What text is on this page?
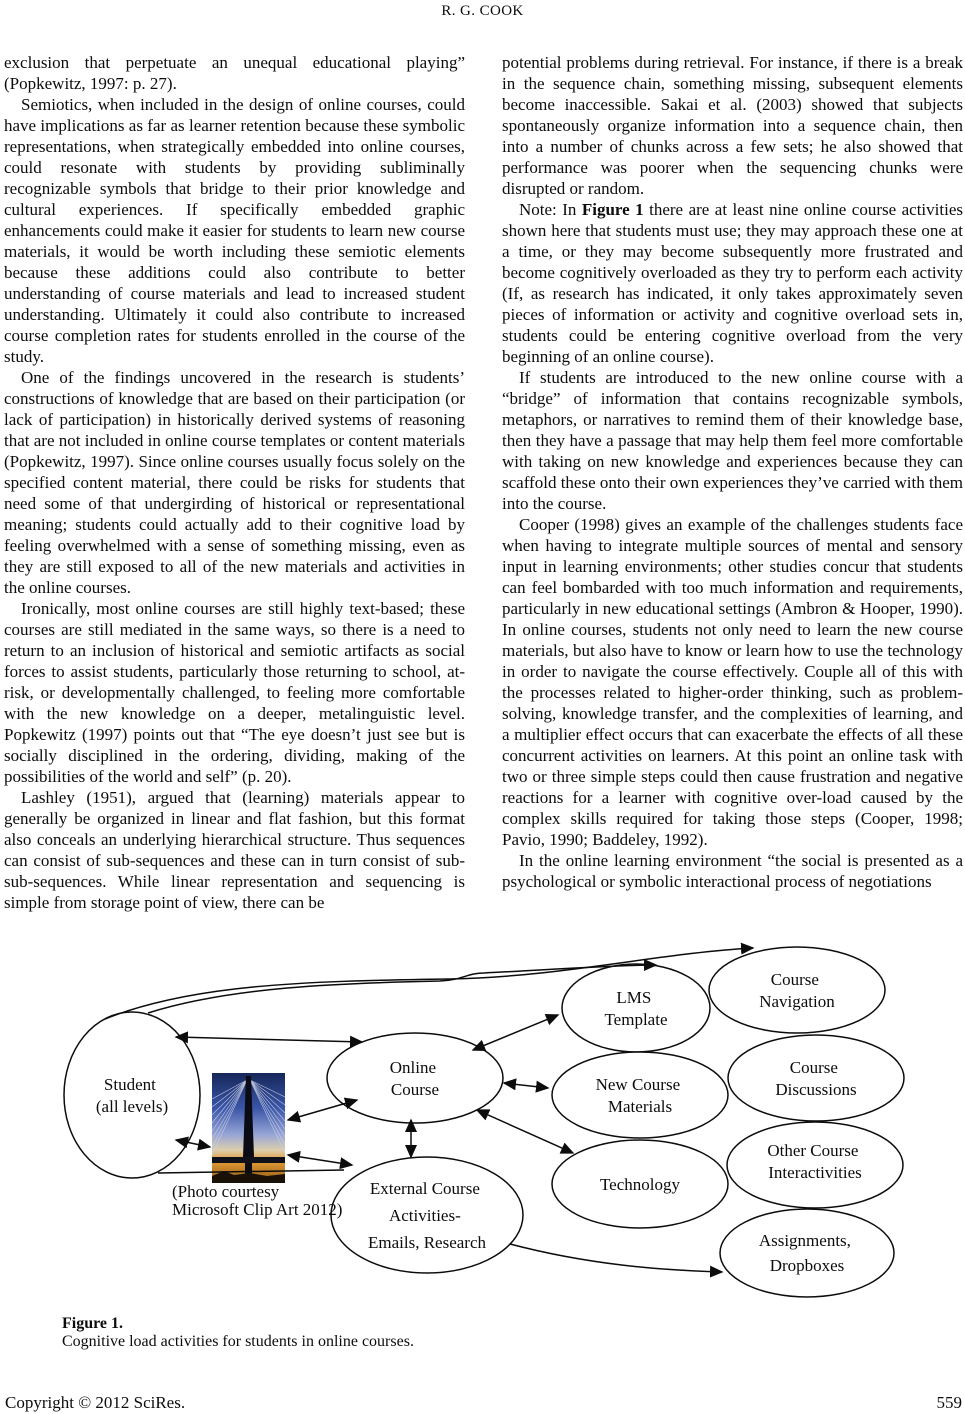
R. G. COOK

exclusion that perpetuate an unequal educational playing” (Popkewitz, 1997: p. 27).

Semiotics, when included in the design of online courses, could have implications as far as learner retention because these symbolic representations, when strategically embedded into online courses, could resonate with students by providing subliminally recognizable symbols that bridge to their prior knowledge and cultural experiences. If specifically embedded graphic enhancements could make it easier for students to learn new course materials, it would be worth including these semiotic elements because these additions could also contribute to better understanding of course materials and lead to increased student understanding. Ultimately it could also contribute to increased course completion rates for students enrolled in the course of the study.

One of the findings uncovered in the research is students’ constructions of knowledge that are based on their participation (or lack of participation) in historically derived systems of reasoning that are not included in online course templates or content materials (Popkewitz, 1997). Since online courses usually focus solely on the specified content material, there could be risks for students that need some of that undergirding of historical or representational meaning; students could actually add to their cognitive load by feeling overwhelmed with a sense of something missing, even as they are still exposed to all of the new materials and activities in the online courses.

Ironically, most online courses are still highly text-based; these courses are still mediated in the same ways, so there is a need to return to an inclusion of historical and semiotic artifacts as social forces to assist students, particularly those returning to school, at-risk, or developmentally challenged, to feeling more comfortable with the new knowledge on a deeper, metalinguistic level. Popkewitz (1997) points out that “The eye doesn’t just see but is socially disciplined in the ordering, dividing, making of the possibilities of the world and self” (p. 20).

Lashley (1951), argued that (learning) materials appear to generally be organized in linear and flat fashion, but this format also conceals an underlying hierarchical structure. Thus sequences can consist of sub-sequences and these can in turn consist of sub-sub-sequences. While linear representation and sequencing is simple from storage point of view, there can be

potential problems during retrieval. For instance, if there is a break in the sequence chain, something missing, subsequent elements become inaccessible. Sakai et al. (2003) showed that subjects spontaneously organize information into a sequence chain, then into a number of chunks across a few sets; he also showed that performance was poorer when the sequencing chunks were disrupted or random.

Note: In Figure 1 there are at least nine online course activities shown here that students must use; they may approach these one at a time, or they may become subsequently more frustrated and become cognitively overloaded as they try to perform each activity (If, as research has indicated, it only takes approximately seven pieces of information or activity and cognitive overload sets in, students could be entering cognitive overload from the very beginning of an online course).

If students are introduced to the new online course with a “bridge” of information that contains recognizable symbols, metaphors, or narratives to remind them of their knowledge base, then they have a passage that may help them feel more comfortable with taking on new knowledge and experiences because they can scaffold these onto their own experiences they’ve carried with them into the course.

Cooper (1998) gives an example of the challenges students face when having to integrate multiple sources of mental and sensory input in learning environments; other studies concur that students can feel bombarded with too much information and requirements, particularly in new educational settings (Ambron & Hooper, 1990). In online courses, students not only need to learn the new course materials, but also have to know or learn how to use the technology in order to navigate the course effectively. Couple all of this with the processes related to higher-order thinking, such as problem-solving, knowledge transfer, and the complexities of learning, and a multiplier effect occurs that can exacerbate the effects of all these concurrent activities on learners. At this point an online task with two or three simple steps could then cause frustration and negative reactions for a learner with cognitive over-load caused by the complex skills required for taking those steps (Cooper, 1998; Pavio, 1990; Baddeley, 1992).

In the online learning environment “the social is presented as a psychological or symbolic interactional process of negotiations

Student (all levels)
Online Course
LMS Template
Course Navigation
New Course Materials
Course Discussions
Technology
Other Course Interactivities
Assignments, Dropboxes
External Course Activities- Emails, Research
(Photo courtesy Microsoft Clip Art 2012)
Figure 1.
Cognitive load activities for students in online courses.
Copyright © 2012 SciRes.	559
